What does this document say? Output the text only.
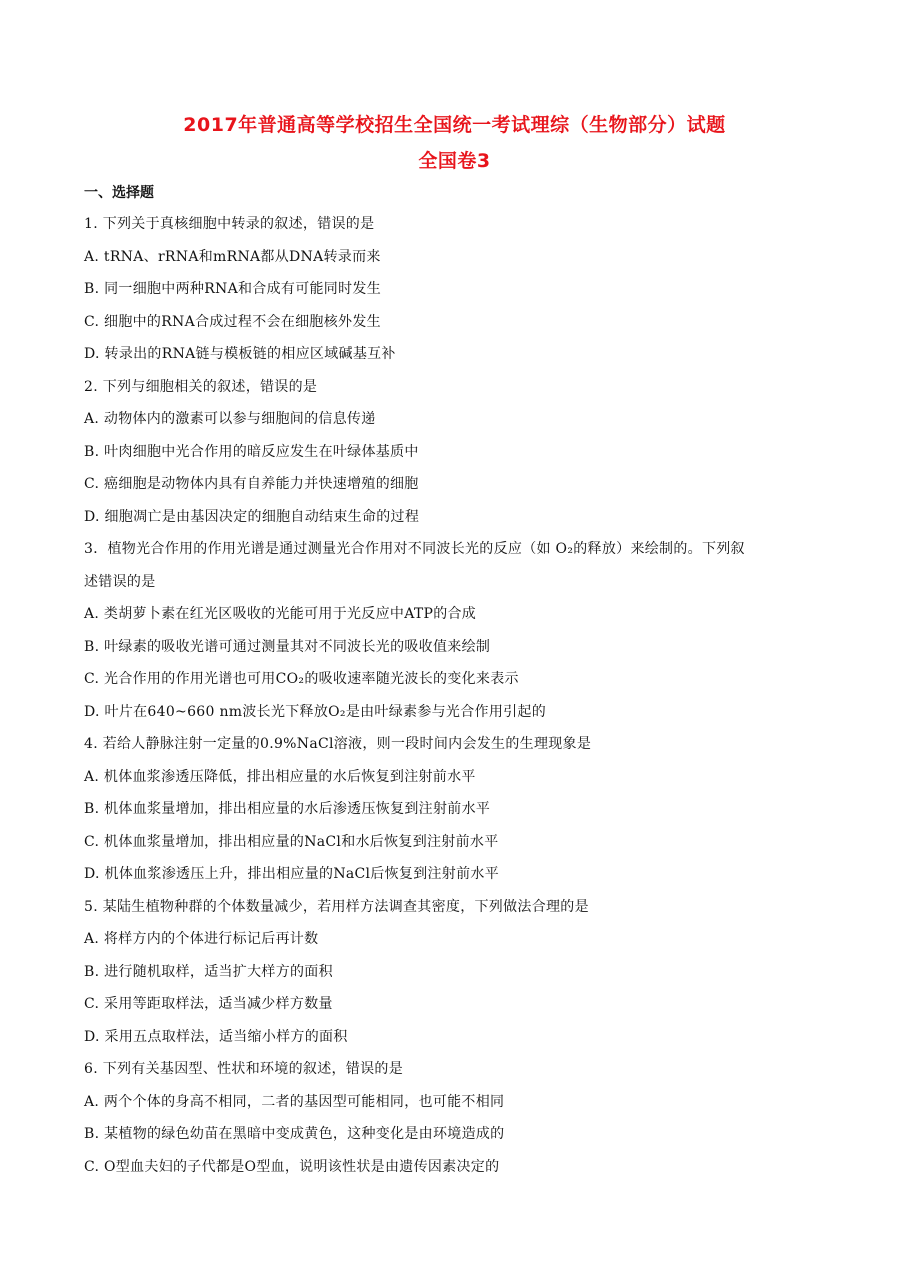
2017年普通高等学校招生全国统一考试理综（生物部分）试题
全国卷3
一、选择题
1. 下列关于真核细胞中转录的叙述，错误的是
A. tRNA、rRNA和mRNA都从DNA转录而来
B. 同一细胞中两种RNA和合成有可能同时发生
C. 细胞中的RNA合成过程不会在细胞核外发生
D. 转录出的RNA链与模板链的相应区域碱基互补
2. 下列与细胞相关的叙述，错误的是
A. 动物体内的激素可以参与细胞间的信息传递
B. 叶肉细胞中光合作用的暗反应发生在叶绿体基质中
C. 癌细胞是动物体内具有自养能力并快速增殖的细胞
D. 细胞凋亡是由基因决定的细胞自动结束生命的过程
3．植物光合作用的作用光谱是通过测量光合作用对不同波长光的反应（如 O₂的释放）来绘制的。下列叙
述错误的是
A. 类胡萝卜素在红光区吸收的光能可用于光反应中ATP的合成
B. 叶绿素的吸收光谱可通过测量其对不同波长光的吸收值来绘制
C. 光合作用的作用光谱也可用CO₂的吸收速率随光波长的变化来表示
D. 叶片在640~660 nm波长光下释放O₂是由叶绿素参与光合作用引起的
4. 若给人静脉注射一定量的0.9%NaCl溶液，则一段时间内会发生的生理现象是
A. 机体血浆渗透压降低，排出相应量的水后恢复到注射前水平
B. 机体血浆量增加，排出相应量的水后渗透压恢复到注射前水平
C. 机体血浆量增加，排出相应量的NaCl和水后恢复到注射前水平
D. 机体血浆渗透压上升，排出相应量的NaCl后恢复到注射前水平
5. 某陆生植物种群的个体数量减少，若用样方法调查其密度，下列做法合理的是
A. 将样方内的个体进行标记后再计数
B. 进行随机取样，适当扩大样方的面积
C. 采用等距取样法，适当减少样方数量
D. 采用五点取样法，适当缩小样方的面积
6. 下列有关基因型、性状和环境的叙述，错误的是
A. 两个个体的身高不相同，二者的基因型可能相同，也可能不相同
B. 某植物的绿色幼苗在黑暗中变成黄色，这种变化是由环境造成的
C. O型血夫妇的子代都是O型血，说明该性状是由遗传因素决定的
